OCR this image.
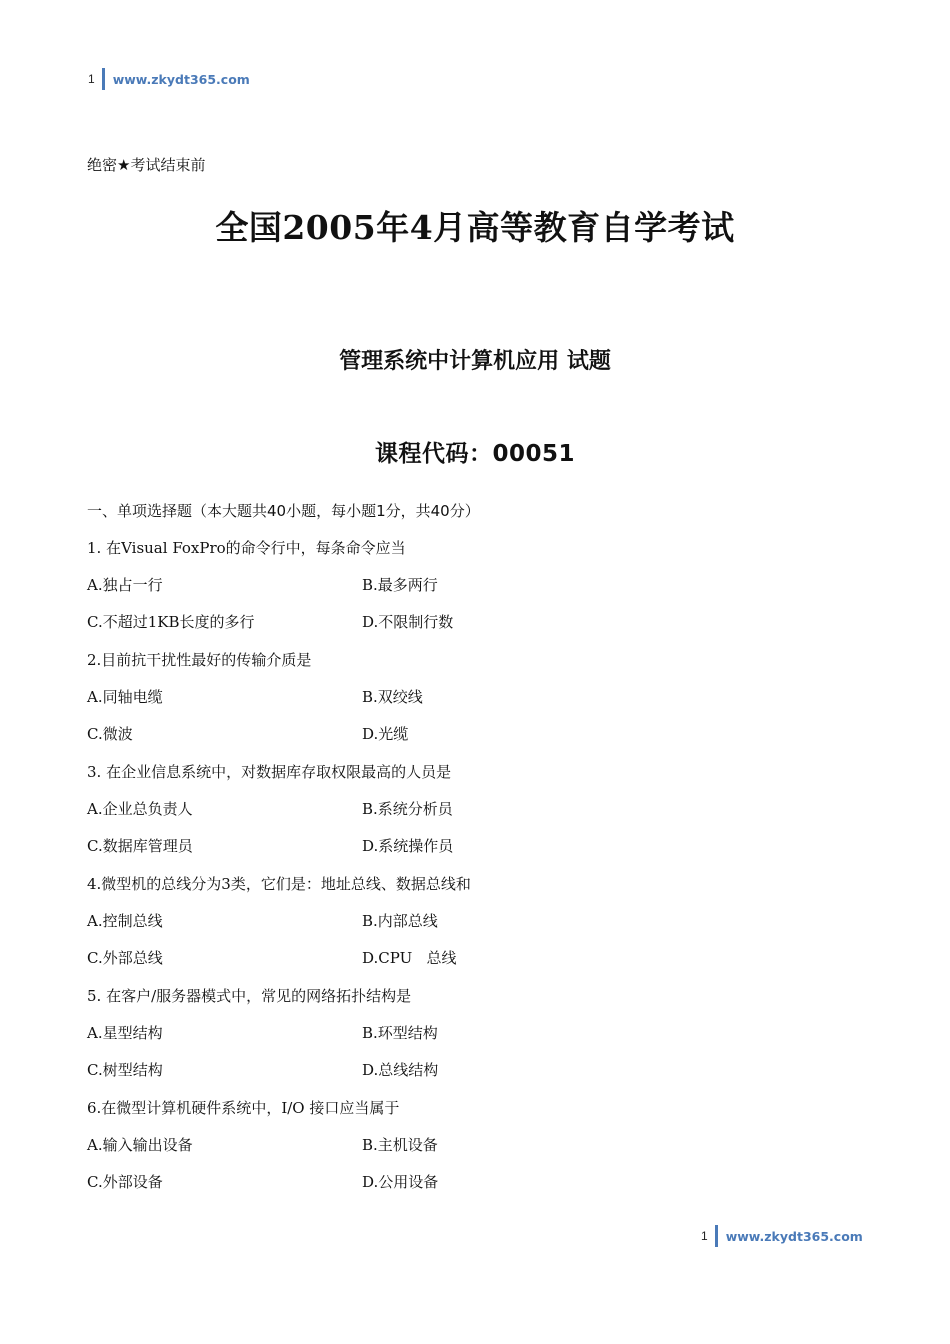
1 www.zkydt365.com
绝密★考试结束前
全国2005年4月高等教育自学考试
管理系统中计算机应用 试题
课程代码：00051
一、单项选择题（本大题共40小题，每小题1分，共40分）
1. 在Visual FoxPro的命令行中，每条命令应当
A.独占一行	B.最多两行
C.不超过1KB长度的多行	D.不限制行数
2.目前抗干扰性最好的传输介质是
A.同轴电缆	B.双绞线
C.微波	D.光缆
3. 在企业信息系统中，对数据库存取权限最高的人员是
A.企业总负责人	B.系统分析员
C.数据库管理员	D.系统操作员
4.微型机的总线分为3类，它们是：地址总线、数据总线和
A.控制总线	B.内部总线
C.外部总线	D.CPU   总线
5. 在客户/服务器模式中，常见的网络拓扑结构是
A.星型结构	B.环型结构
C.树型结构	D.总线结构
6.在微型计算机硬件系统中，I/O 接口应当属于
A.输入输出设备	B.主机设备
C.外部设备	D.公用设备
1 www.zkydt365.com
